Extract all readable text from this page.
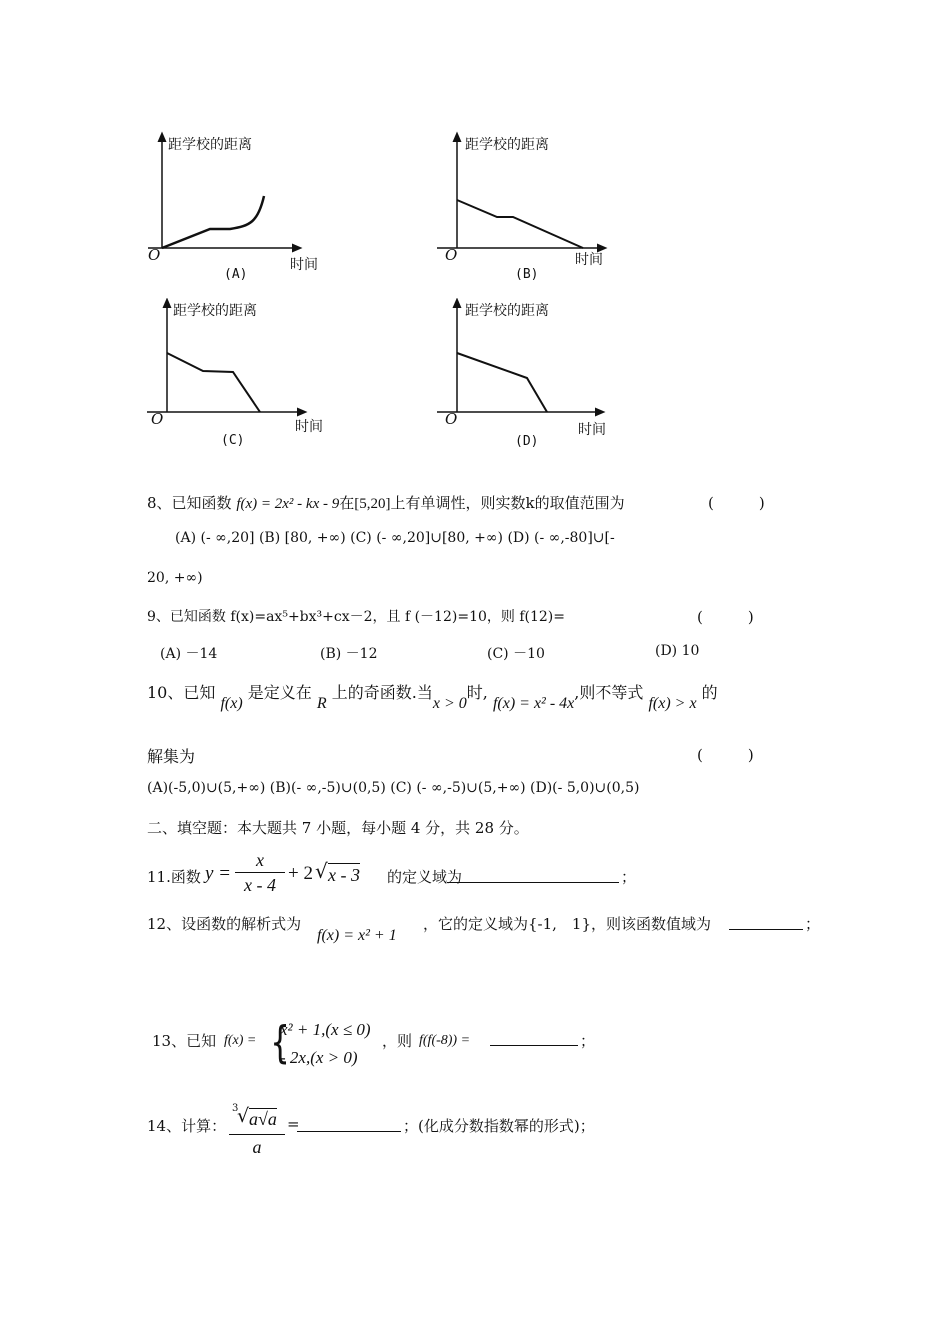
距学校的距离
O
时间
(A)
距学校的距离
O	时间
(B)
距学校的距离
O	时间
(C)
距学校的距离
O
时间
(D)
8、已知函数 f(x) = 2x² - kx - 9在[5,20]上有单调性，则实数k的取值范围为	(　　　)
(A) (- ∞,20] (B) [80, +∞) (C) (- ∞,20]∪[80, +∞) (D) (- ∞,-80]∪[-
20, +∞)
9、已知函数 f(x)=ax⁵+bx³+cx－2，且 f (－12)=10，则 f(12)=	(　　　)
(A) －14	(B) －12	(C) －10	(D) 10
10、已知 f(x) 是定义在 R 上的奇函数.当x > 0时, f(x) = x² - 4x,则不等式 f(x) > x 的
解集为	(　　　)
(A)(-5,0)∪(5,+∞) (B)(- ∞,-5)∪(0,5) (C) (- ∞,-5)∪(5,+∞) (D)(- 5,0)∪(0,5)
二、填空题：本大题共 7 小题，每小题 4 分，共 28 分。
11.函数 y =
x
x - 4
+ 2 √ x - 3 的定义域为	；
12、设函数的解析式为
f(x) = x² + 1
，它的定义域为{-1,　1}，则该函数值域为	；
13、已知 f(x) = {
x² + 1,(x ≤ 0)
- 2x,(x > 0)
，则 f(f(-8)) =	；
14、计算：
3
√ a√a
a
=	；(化成分数指数幂的形式)；
